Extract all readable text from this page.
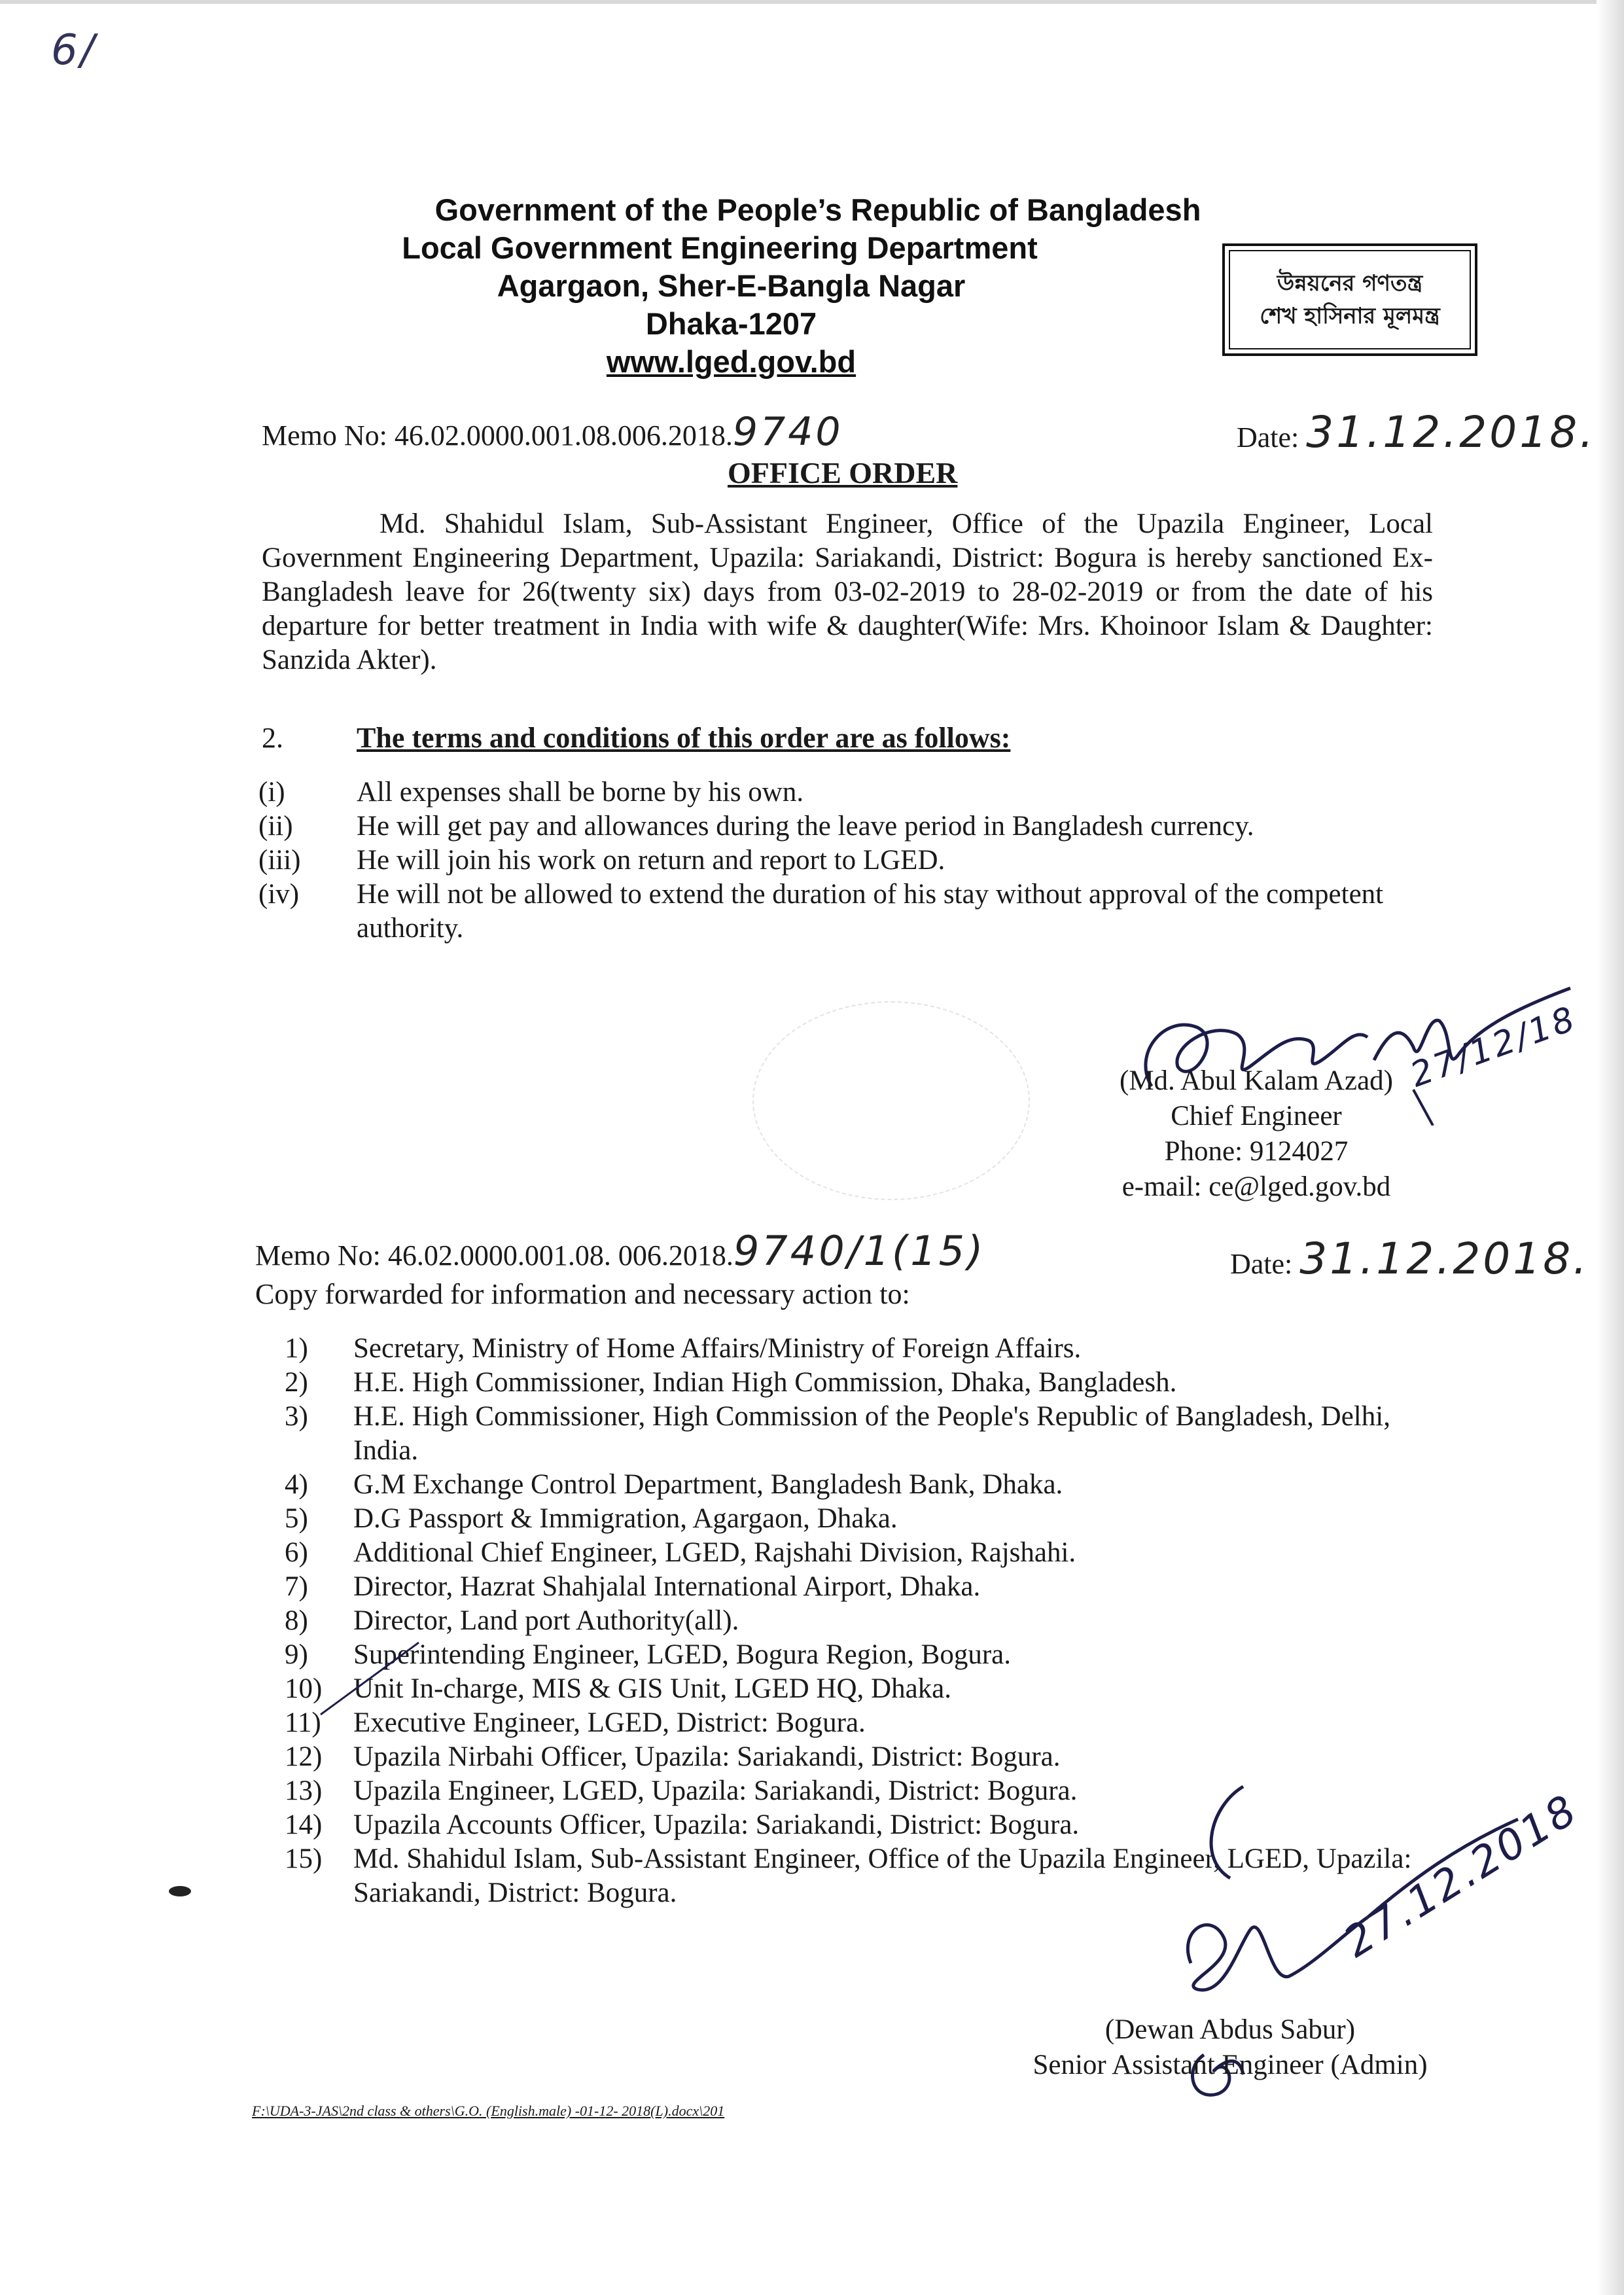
6/
Government of the People’s Republic of Bangladesh
Local Government Engineering Department
Agargaon, Sher-E-Bangla Nagar
Dhaka-1207
www.lged.gov.bd
উন্নয়নের গণতন্ত্র
শেখ হাসিনার মূলমন্ত্র
Memo No: 46.02.0000.001.08.006.2018.9740	Date: 31.12.2018.
OFFICE ORDER
Md. Shahidul Islam, Sub-Assistant Engineer, Office of the Upazila Engineer, Local Government Engineering Department, Upazila: Sariakandi, District: Bogura is hereby sanctioned Ex-Bangladesh leave for 26(twenty six) days from 03-02-2019 to 28-02-2019 or from the date of his departure for better treatment in India with wife & daughter(Wife: Mrs. Khoinoor Islam & Daughter: Sanzida Akter).
2.	The terms and conditions of this order are as follows:
(i)	All expenses shall be borne by his own.
(ii)	He will get pay and allowances during the leave period in Bangladesh currency.
(iii)	He will join his work on return and report to LGED.
(iv)	He will not be allowed to extend the duration of his stay without approval of the competent authority.
27/12/18
(Md. Abul Kalam Azad)
Chief Engineer
Phone: 9124027
e-mail: ce@lged.gov.bd
Memo No: 46.02.0000.001.08. 006.2018.9740/1(15)	Date: 31.12.2018.
Copy forwarded for information and necessary action to:
1)	Secretary, Ministry of Home Affairs/Ministry of Foreign Affairs.
2)	H.E. High Commissioner, Indian High Commission, Dhaka, Bangladesh.
3)	H.E. High Commissioner, High Commission of the People's Republic of Bangladesh, Delhi, India.
4)	G.M Exchange Control Department, Bangladesh Bank, Dhaka.
5)	D.G Passport & Immigration, Agargaon, Dhaka.
6)	Additional Chief Engineer, LGED, Rajshahi Division, Rajshahi.
7)	Director, Hazrat Shahjalal International Airport, Dhaka.
8)	Director, Land port Authority(all).
9)	Superintending Engineer, LGED, Bogura Region, Bogura.
10)	Unit In-charge, MIS & GIS Unit, LGED HQ, Dhaka.
11)	Executive Engineer, LGED, District: Bogura.
12)	Upazila Nirbahi Officer, Upazila: Sariakandi, District: Bogura.
13)	Upazila Engineer, LGED, Upazila: Sariakandi, District: Bogura.
14)	Upazila Accounts Officer, Upazila: Sariakandi, District: Bogura.
15)	Md. Shahidul Islam, Sub-Assistant Engineer, Office of the Upazila Engineer, LGED, Upazila: Sariakandi, District: Bogura.	27.12.2018
(Dewan Abdus Sabur)
Senior Assistant Engineer (Admin)
F:\UDA-3-JAS\2nd class & others\G.O. (English.male) -01-12- 2018(L).docx\201
